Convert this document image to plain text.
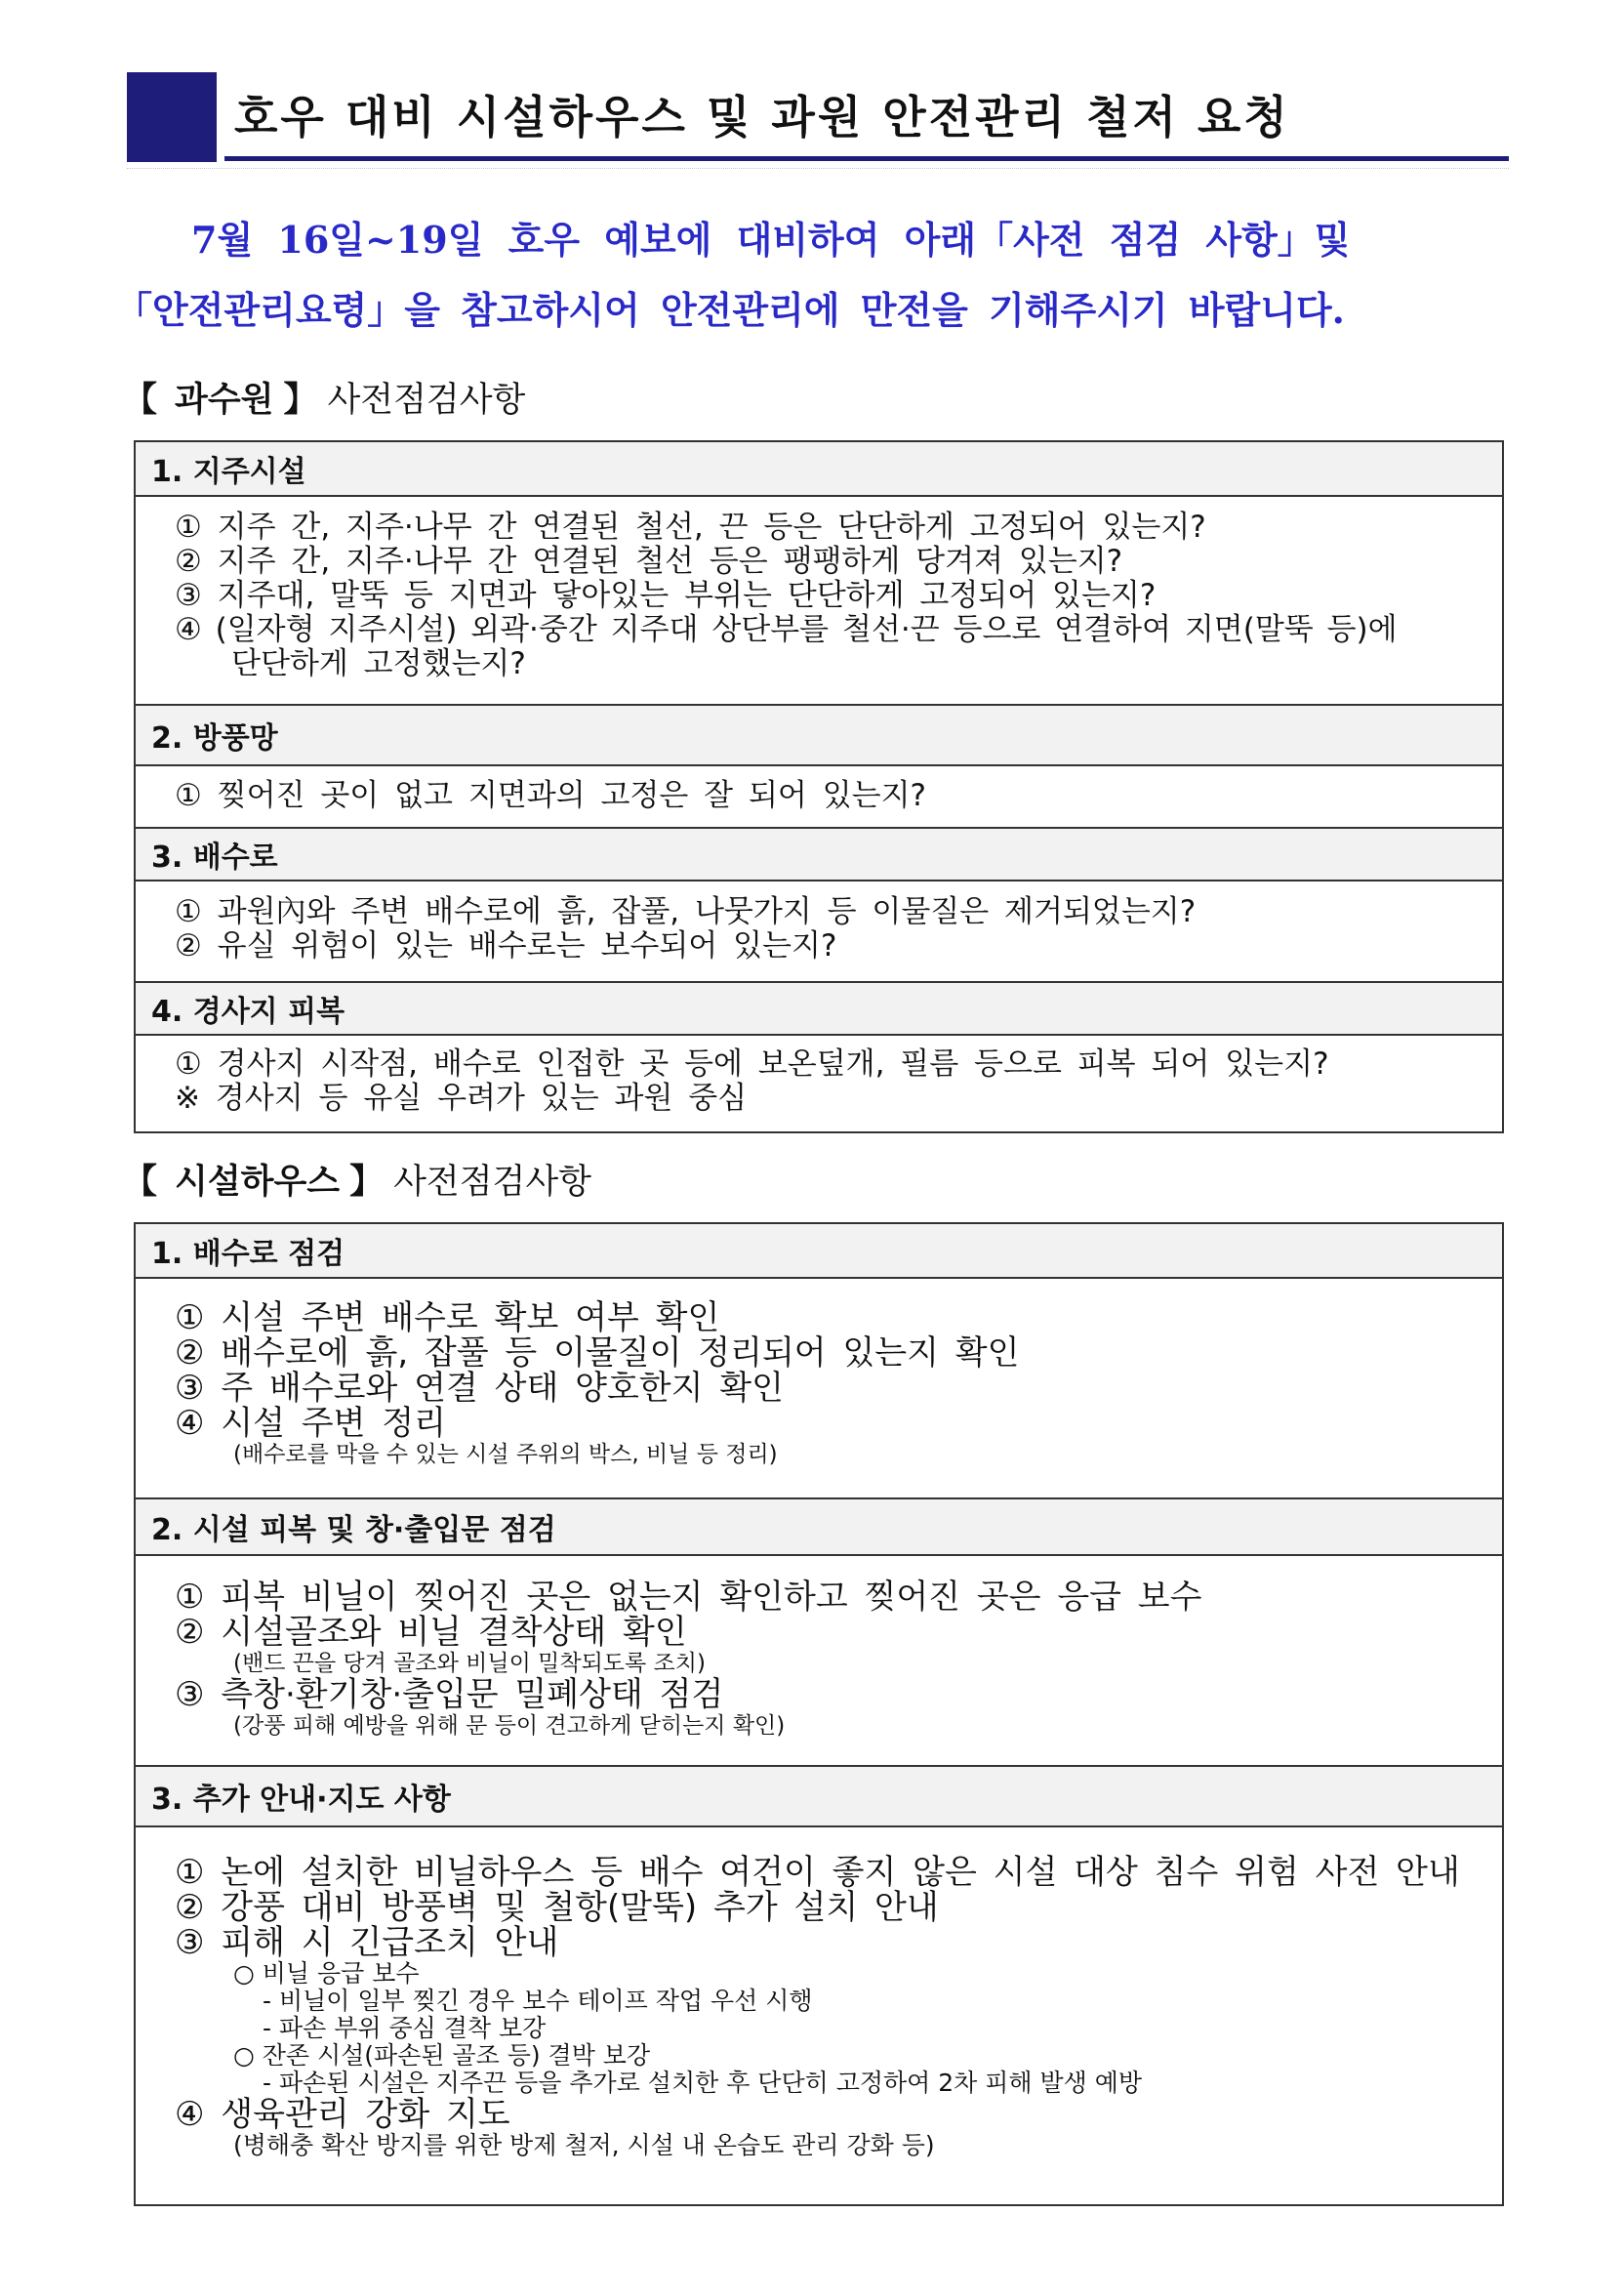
호우 대비 시설하우스 및 과원 안전관리 철저 요청
7월 16일~19일 호우 예보에 대비하여 아래「사전 점검 사항」및
「안전관리요령」을 참고하시어 안전관리에 만전을 기해주시기 바랍니다.
【 과수원 】 사전점검사항
1. 지주시설
① 지주 간, 지주·나무 간 연결된 철선, 끈 등은 단단하게 고정되어 있는지?
② 지주 간, 지주·나무 간 연결된 철선 등은 팽팽하게 당겨져 있는지?
③ 지주대, 말뚝 등 지면과 닿아있는 부위는 단단하게 고정되어 있는지?
④ (일자형 지주시설) 외곽·중간 지주대 상단부를 철선·끈 등으로 연결하여 지면(말뚝 등)에
단단하게 고정했는지?
2. 방풍망
① 찢어진 곳이 없고 지면과의 고정은 잘 되어 있는지?
3. 배수로
① 과원內와 주변 배수로에 흙, 잡풀, 나뭇가지 등 이물질은 제거되었는지?
② 유실 위험이 있는 배수로는 보수되어 있는지?
4. 경사지 피복
① 경사지 시작점, 배수로 인접한 곳 등에 보온덮개, 필름 등으로 피복 되어 있는지?
※ 경사지 등 유실 우려가 있는 과원 중심
【 시설하우스 】 사전점검사항
1. 배수로 점검
① 시설 주변 배수로 확보 여부 확인
② 배수로에 흙, 잡풀 등 이물질이 정리되어 있는지 확인
③ 주 배수로와 연결 상태 양호한지 확인
④ 시설 주변 정리
(배수로를 막을 수 있는 시설 주위의 박스, 비닐 등 정리)
2. 시설 피복 및 창·출입문 점검
① 피복 비닐이 찢어진 곳은 없는지 확인하고 찢어진 곳은 응급 보수
② 시설골조와 비닐 결착상태 확인
(밴드 끈을 당겨 골조와 비닐이 밀착되도록 조치)
③ 측창·환기창·출입문 밀폐상태 점검
(강풍 피해 예방을 위해 문 등이 견고하게 닫히는지 확인)
3. 추가 안내·지도 사항
① 논에 설치한 비닐하우스 등 배수 여건이 좋지 않은 시설 대상 침수 위험 사전 안내
② 강풍 대비 방풍벽 및 철항(말뚝) 추가 설치 안내
③ 피해 시 긴급조치 안내
○ 비닐 응급 보수
- 비닐이 일부 찢긴 경우 보수 테이프 작업 우선 시행
- 파손 부위 중심 결착 보강
○ 잔존 시설(파손된 골조 등) 결박 보강
- 파손된 시설은 지주끈 등을 추가로 설치한 후 단단히 고정하여 2차 피해 발생 예방
④ 생육관리 강화 지도
(병해충 확산 방지를 위한 방제 철저, 시설 내 온습도 관리 강화 등)
